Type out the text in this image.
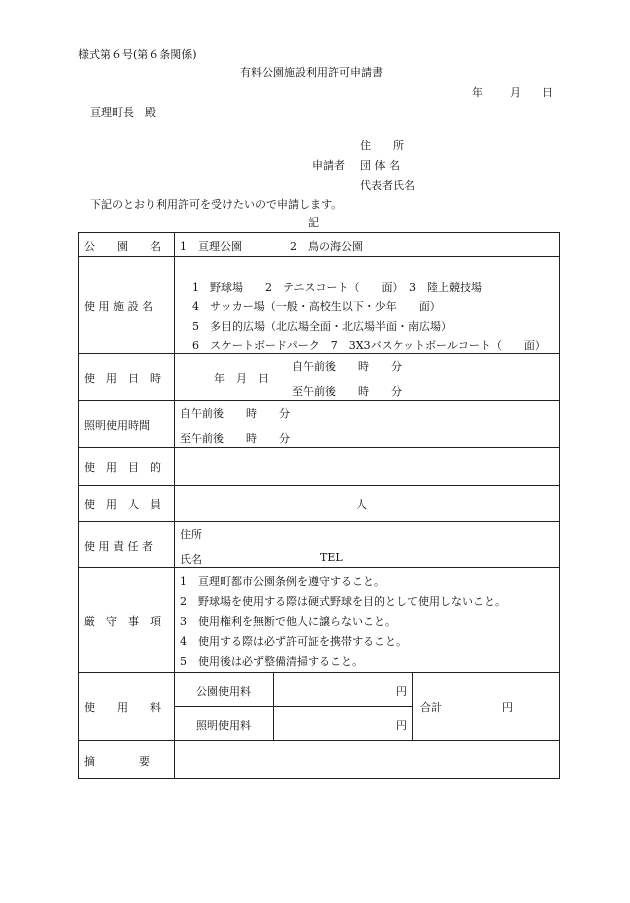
様式第６号(第６条関係)
有料公園施設利用許可申請書
年 月 日
亘理町長　殿
住　　所
申請者 団 体 名
代表者氏名
下記のとおり利用許可を受けたいので申請します。
記
公　　園　　名 1　亘理公園	2　鳥の海公園
使 用 施 設 名
1　野球場　　2　テニスコート（　　面）　3　陸上競技場
4　サッカー場（一般・高校生以下・少年　　面）
5　多目的広場（北広場全面・北広場半面・南広場）
6　スケートボードパーク　7　3X3バスケットボールコート（　　面）
使　用　日　時	年　月　日
自午前後　　時　　分
至午前後　　時　　分
照明使用時間
自午前後　　時　　分
至午前後　　時　　分
使　用　目　的
使　用　人　員	人
使 用 責 任 者
住所
氏名	TEL
厳　守　事　項
1　亘理町都市公園条例を遵守すること。
2　野球場を使用する際は硬式野球を目的として使用しないこと。
3　使用権利を無断で他人に譲らないこと。
4　使用する際は必ず許可証を携帯すること。
5　使用後は必ず整備清掃すること。
使　　用　　料
公園使用料	円
照明使用料	円
合計	円
摘　　　　要
